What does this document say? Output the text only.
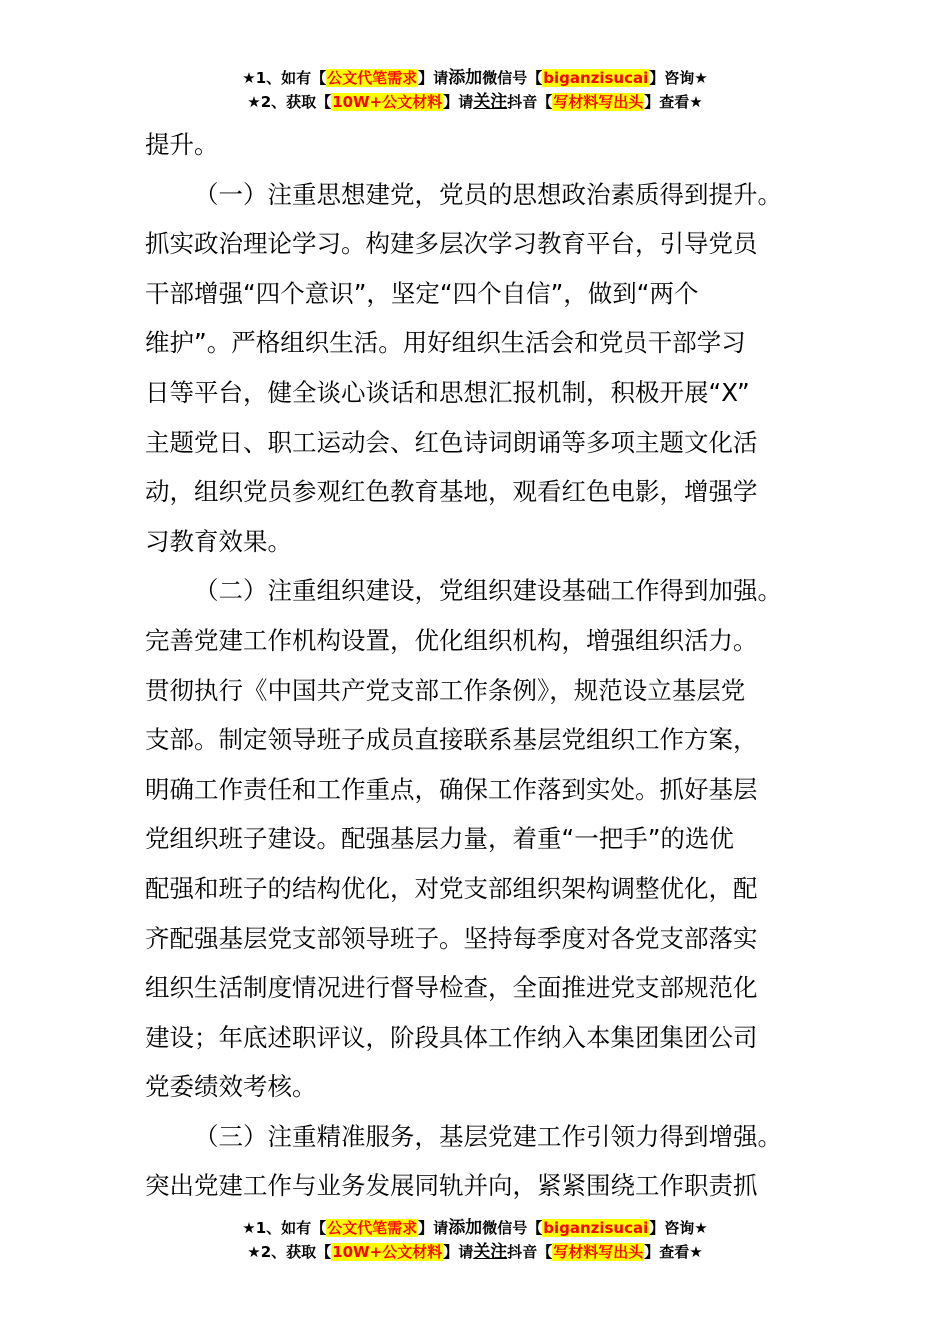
★1、如有【公文代笔需求】请添加微信号【biganzisucai】咨询★
★2、获取【10W+公文材料】请关注抖音【写材料写出头】查看★

提升。

（一）注重思想建党，党员的思想政治素质得到提升。

抓实政治理论学习。构建多层次学习教育平台，引导党员

干部增强“四个意识”，坚定“四个自信”，做到“两个

维护”。严格组织生活。用好组织生活会和党员干部学习

日等平台，健全谈心谈话和思想汇报机制，积极开展“X”

主题党日、职工运动会、红色诗词朗诵等多项主题文化活

动，组织党员参观红色教育基地，观看红色电影，增强学

习教育效果。

（二）注重组织建设，党组织建设基础工作得到加强。

完善党建工作机构设置，优化组织机构，增强组织活力。

贯彻执行《中国共产党支部工作条例》，规范设立基层党

支部。制定领导班子成员直接联系基层党组织工作方案，

明确工作责任和工作重点，确保工作落到实处。抓好基层

党组织班子建设。配强基层力量，着重“一把手”的选优

配强和班子的结构优化，对党支部组织架构调整优化，配

齐配强基层党支部领导班子。坚持每季度对各党支部落实

组织生活制度情况进行督导检查，全面推进党支部规范化

建设；年底述职评议，阶段具体工作纳入本集团集团公司

党委绩效考核。

（三）注重精准服务，基层党建工作引领力得到增强。

突出党建工作与业务发展同轨并向，紧紧围绕工作职责抓

★1、如有【公文代笔需求】请添加微信号【biganzisucai】咨询★
★2、获取【10W+公文材料】请关注抖音【写材料写出头】查看★
